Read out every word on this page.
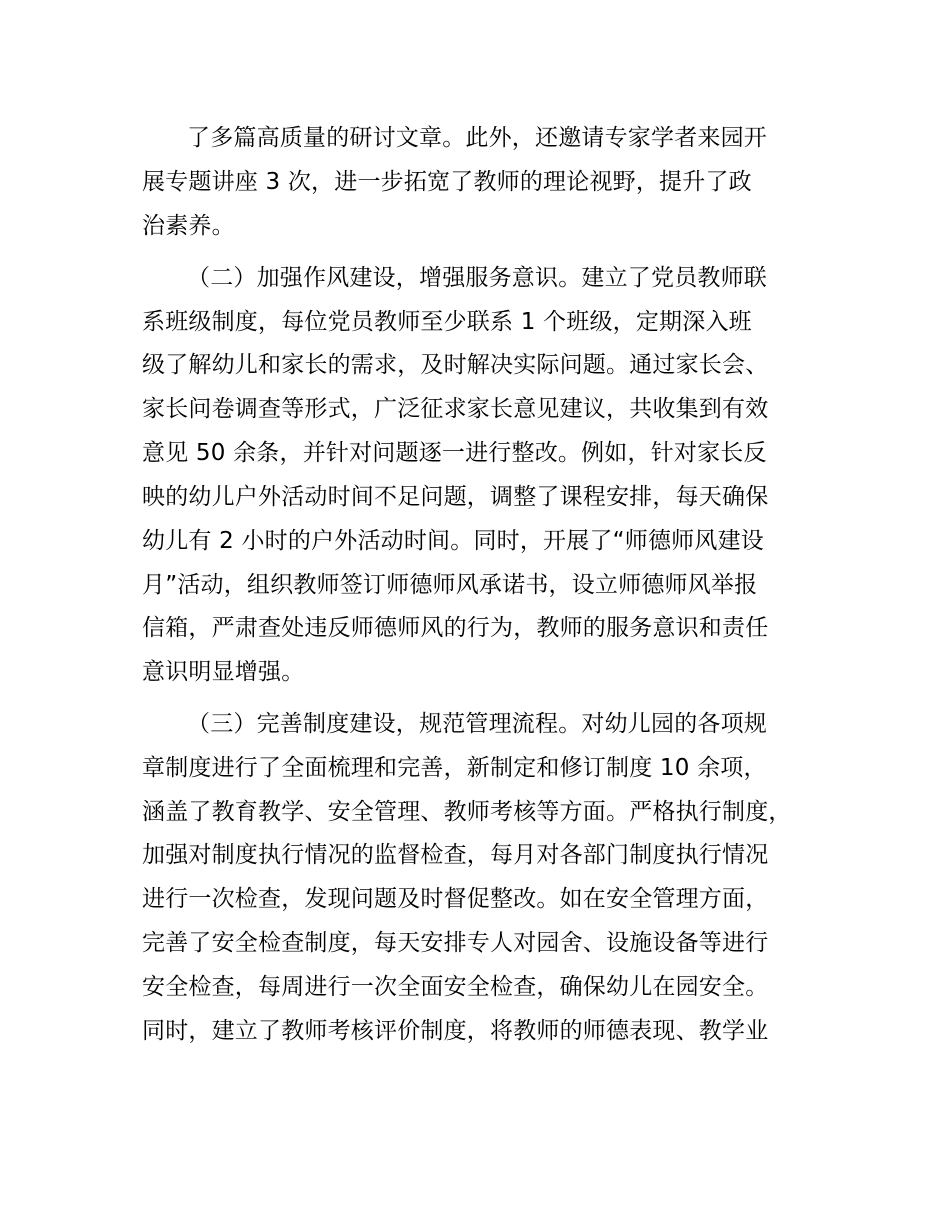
了多篇高质量的研讨文章。此外，还邀请专家学者来园开
展专题讲座 3 次，进一步拓宽了教师的理论视野，提升了政
治素养。
（二）加强作风建设，增强服务意识。建立了党员教师联
系班级制度，每位党员教师至少联系 1 个班级，定期深入班
级了解幼儿和家长的需求，及时解决实际问题。通过家长会、
家长问卷调查等形式，广泛征求家长意见建议，共收集到有效
意见 50 余条，并针对问题逐一进行整改。例如，针对家长反
映的幼儿户外活动时间不足问题，调整了课程安排，每天确保
幼儿有 2 小时的户外活动时间。同时，开展了“师德师风建设
月”活动，组织教师签订师德师风承诺书，设立师德师风举报
信箱，严肃查处违反师德师风的行为，教师的服务意识和责任
意识明显增强。
（三）完善制度建设，规范管理流程。对幼儿园的各项规
章制度进行了全面梳理和完善，新制定和修订制度 10 余项，
涵盖了教育教学、安全管理、教师考核等方面。严格执行制度，
加强对制度执行情况的监督检查，每月对各部门制度执行情况
进行一次检查，发现问题及时督促整改。如在安全管理方面，
完善了安全检查制度，每天安排专人对园舍、设施设备等进行
安全检查，每周进行一次全面安全检查，确保幼儿在园安全。
同时，建立了教师考核评价制度，将教师的师德表现、教学业
